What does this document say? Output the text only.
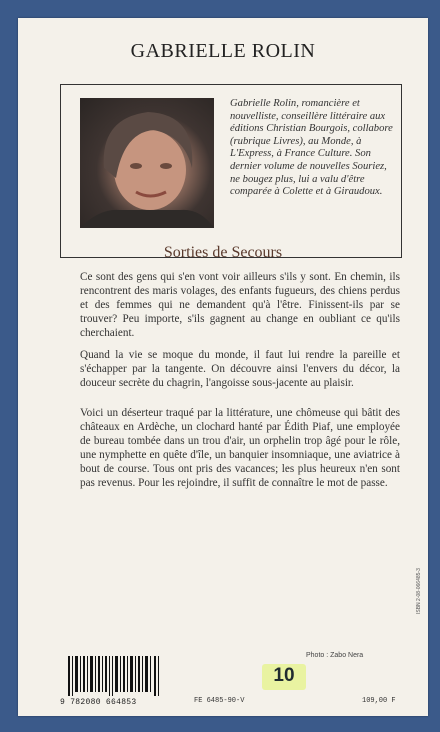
GABRIELLE ROLIN
Gabrielle Rolin, romancière et nouvelliste, conseillère littéraire aux éditions Christian Bourgois, collabore (rubrique Livres), au Monde, à L'Express, à France Culture. Son dernier volume de nouvelles Souriez, ne bougez plus, lui a valu d'être comparée à Colette et à Giraudoux.
Sorties de Secours
Ce sont des gens qui s'en vont voir ailleurs s'ils y sont. En chemin, ils rencontrent des maris volages, des enfants fugueurs, des chiens perdus et des femmes qui ne demandent qu'à l'être. Finissent-ils par se trouver? Peu importe, s'ils gagnent au change en oubliant ce qu'ils cherchaient.
Quand la vie se moque du monde, il faut lui rendre la pareille et s'échapper par la tangente. On découvre ainsi l'envers du décor, la douceur secrète du chagrin, l'angoisse sous-jacente au plaisir.
Voici un déserteur traqué par la littérature, une chômeuse qui bâtit des châteaux en Ardèche, un clochard hanté par Édith Piaf, une employée de bureau tombée dans un trou d'air, un orphelin trop âgé pour le rôle, une nymphette en quête d'île, un banquier insomniaque, une aviatrice à bout de course. Tous ont pris des vacances; les plus heureux n'en sont pas revenus. Pour les rejoindre, il suffit de connaître le mot de passe.
Photo : Zabo Nera
ISBN 2-08-066485-3
10
9 782080 664853	FE 6485-90-V	109,00 F
